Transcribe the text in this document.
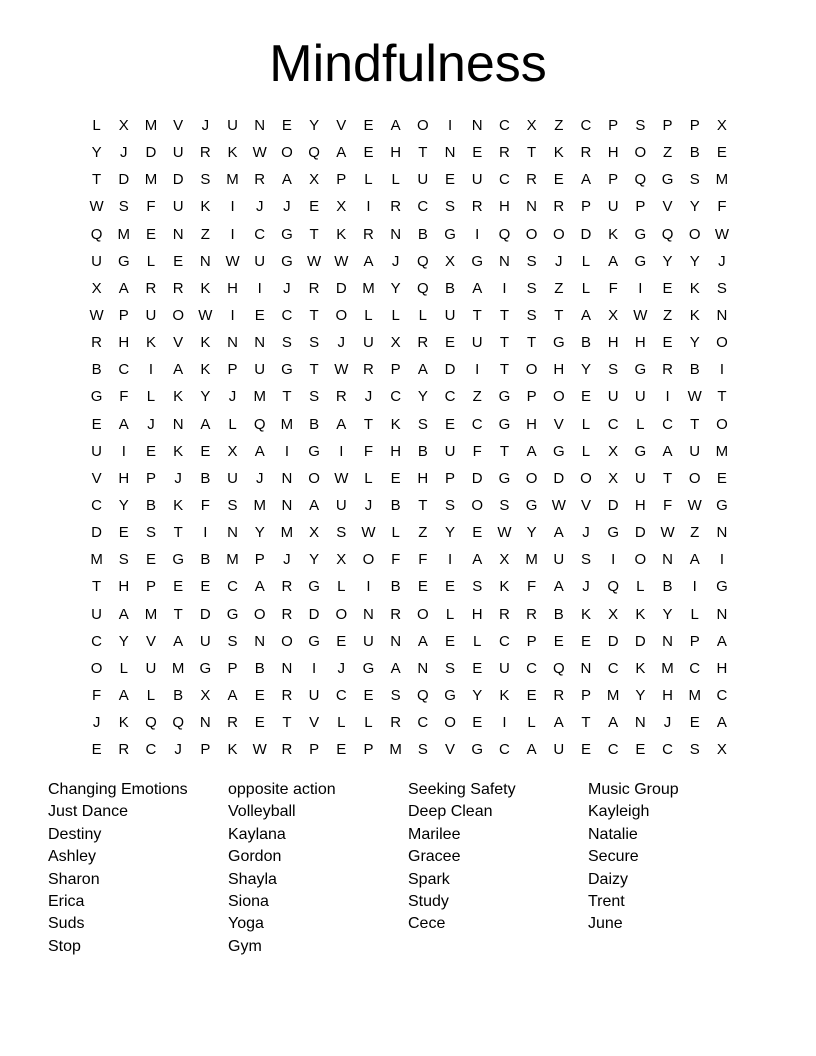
Mindfulness
L	X	M	V	J	U	N	E	Y	V	E	A	O	I	N	C	X	Z	C	P	S	P	P	X
Y	J	D	U	R	K	W O	Q	A	E	H	T	N	E	R	T	K	R	H	O	Z	B	E
T	D	M	D	S	M	R	A	X	P	L	L	U	E	U	C	R	E	A	P	Q	G	S	M
W	S	F	U	K	I	J	J	E	X	I	R	C	S	R	H	N	R	P	U	P	V	Y	F
Q	M	E	N	Z	I	C	G	T	K	R	N	B	G	I	Q	O	O	D	K	G	Q	O W
U	G	L	E	N W U	G W W	A	J	Q	X	G	N	S	J	L	A	G	Y	Y	J
X	A	R	R	K	H	I	J	R	D	M	Y	Q	B	A	I	S	Z	L	F	I	E	K	S
W	P	U	O W	I	E	C	T	O	L	L	L	U	T	T	S	T	A	X	W	Z	K	N
R	H	K	V	K	N	N	S	S	J	U	X	R	E	U	T	T	G	B	H	H	E	Y	O
B	C	I	A	K	P	U	G	T	W R	P	A	D	I	T	O	H	Y	S	G	R	B	I
G	F	L	K	Y	J	M	T	S	R	J	C	Y	C	Z	G	P	O	E	U	U	I	W	T
E	A	J	N	A	L	Q	M	B	A	T	K	S	E	C	G	H	V	L	C	L	C	T	O
U	I	E	K	E	X	A	I	G	I	F	H	B	U	F	T	A	G	L	X	G	A	U	M
V	H	P	J	B	U	J	N	O W	L	E	H	P	D	G	O	D	O	X	U	T	O	E
C	Y	B	K	F	S	M	N	A	U	J	B	T	S	O	S	G W	V	D	H	F	W G
D	E	S	T	I	N	Y	M	X	S	W	L	Z	Y	E	W	Y	A	J	G	D W	Z	N
M	S	E	G	B	M	P	J	Y	X	O	F	F	I	A	X	M	U	S	I	O	N	A	I
T	H	P	E	E	C	A	R	G	L	I	B	E	E	S	K	F	A	J	Q	L	B	I	G
U	A	M	T	D	G	O	R	D	O	N	R	O	L	H	R	R	B	K	X	K	Y	L	N
C	Y	V	A	U	S	N	O	G	E	U	N	A	E	L	C	P	E	E	D	D	N	P	A
O	L	U	M	G	P	B	N	I	J	G	A	N	S	E	U	C	Q	N	C	K	M	C	H
F	A	L	B	X	A	E	R	U	C	E	S	Q	G	Y	K	E	R	P	M	Y	H	M	C
J	K	Q	Q	N	R	E	T	V	L	L	R	C	O	E	I	L	A	T	A	N	J	E	A
E	R	C	J	P	K	W R	P	E	P	M	S	V	G	C	A	U	E	C	E	C	S	X
Changing Emotions
Just Dance
Destiny
Ashley
Sharon
Erica
Suds
Stop
opposite action
Volleyball
Kaylana
Gordon
Shayla
Siona
Yoga
Gym
Seeking Safety
Deep Clean
Marilee
Gracee
Spark
Study
Cece
Music Group
Kayleigh
Natalie
Secure
Daizy
Trent
June
